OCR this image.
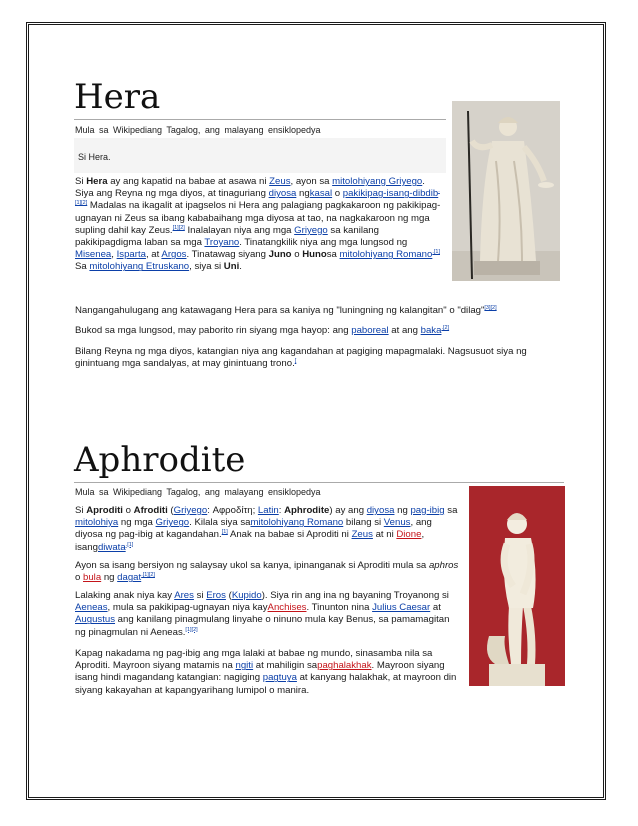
Hera
Mula sa Wikipediang Tagalog, ang malayang ensiklopedya
Si Hera.

Si Hera ay ang kapatid na babae at asawa ni Zeus, ayon sa mitolohiyang Griyego. Siya ang Reyna ng mga diyos, at tinaguriang diyosa ngkasal o pakikipag-isang-dibdib$^{.[1][2]}$ Madalas na ikagalit at ipagselos ni Hera ang palagiang pagkakaroon ng pakikipag-ugnayan ni Zeus sa ibang kababaihang mga diyosa at tao, na nagkakaroon ng mga supling dahil kay Zeus.[1][2] Inalalayan niya ang mga Griyego sa kanilang pakikipagdigma laban sa mga Troyano. Tinatangkilik niya ang mga lungsod ng Misenea, Isparta, at Argos. Tinatawag siyang Juno o Hunosa mitolohiyang Romano$^{.[1]}$ Sa mitolohiyang Etruskano, siya si Uni.

Nangangahulugang ang katawagang Hera para sa kaniya ng "luningning ng kalangitan" o "dilag"[3][2]

Bukod sa mga lungsod, may paborito rin siyang mga hayop: ang paboreal at ang baka$^{.[2]}$

Bilang Reyna ng mga diyos, katangian niya ang kagandahan at pagiging mapagmalaki. Nagsusuot siya ng ginintuang mga sandalyas, at may ginintuang trono.[

Aphrodite
Mula sa Wikipediang Tagalog, ang malayang ensiklopedya

Si Aproditi o Afroditi (Griyego: Αφροδίτη; Latin: Aphrodite) ay ang diyosa ng pag-ibig sa mitolohiya ng mga Griyego. Kilala siya samitolohiyang Romano bilang si Venus, ang diyosa ng pag-ibig at kagandahan.[1] Anak na babae si Aproditi ni Zeus at ni Dione, isangdiwata$^{.[1]}$

Ayon sa isang bersiyon ng salaysay ukol sa kanya, ipinanganak si Aproditi mula sa aphros o bula ng dagat$^{.[1][2]}$

Lalaking anak niya kay Ares si Eros (Kupido). Siya rin ang ina ng bayaning Troyanong si Aeneas, mula sa pakikipag-ugnayan niya kayAnchises. Tinunton nina Julius Caesar at Augustus ang kanilang pinagmulang linyahe o ninuno mula kay Benus, sa pamamagitan ng pinagmulan ni Aeneas.[1][2]

Kapag nakadama ng pag-ibig ang mga lalaki at babae ng mundo, sinasamba nila sa Aproditi. Mayroon siyang matamis na ngiti at mahiligin sapaghalakhak. Mayroon siyang isang hindi magandang katangian: nagiging pagtuya at kanyang halakhak, at mayroon din siyang kakayahan at kapangyarihang lumipol o manira.
